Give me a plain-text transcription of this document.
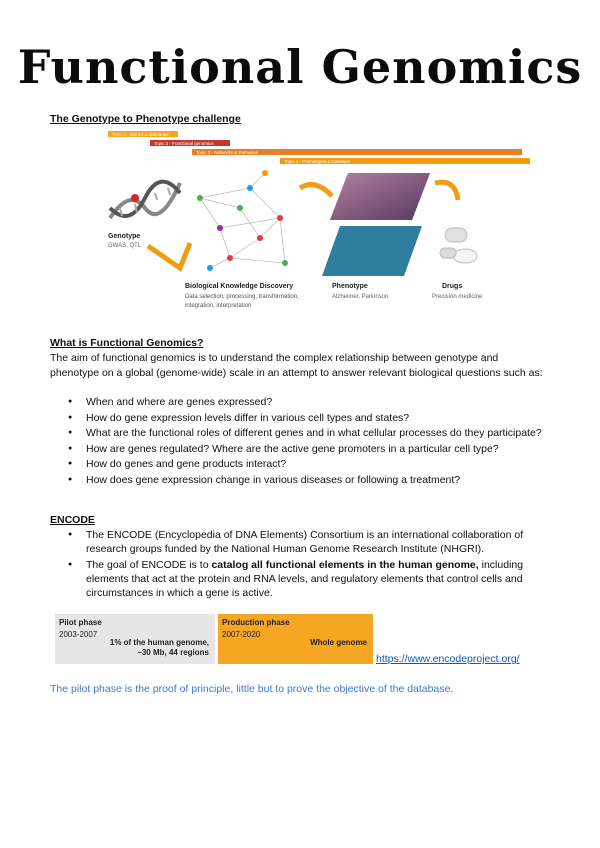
Functional Genomics
The Genotype to Phenotype challenge
Topic 1 - Genes & Genomes
Topic 2 - Functional genomics
Topic 3 - Networks & Pathways
Topic 4 - Phenotypes & Diseases
Genotype
GWAS, QTL
Biological Knowledge Discovery
Data selection, processing, transformation,
integration, interpretation
Phenotype
Alzheimer, Parkinson
Drugs
Precision medicine
What is Functional Genomics?
The aim of functional genomics is to understand the complex relationship between genotype and phenotype on a global (genome-wide) scale in an attempt to answer relevant biological questions such as:
● When and where are genes expressed?
● How do gene expression levels differ in various cell types and states?
● What are the functional roles of different genes and in what cellular processes do they participate?
● How are genes regulated? Where are the active gene promoters in a particular cell type?
● How do genes and gene products interact?
● How does gene expression change in various diseases or following a treatment?
ENCODE
● The ENCODE (Encyclopedia of DNA Elements) Consortium is an international collaboration of research groups funded by the National Human Genome Research Institute (NHGRI).
● The goal of ENCODE is to catalog all functional elements in the human genome, including elements that act at the protein and RNA levels, and regulatory elements that control cells and circumstances in which a gene is active.
Pilot phase
2003-2007
1% of the human genome,
~30 Mb, 44 regions
Production phase
2007-2020
Whole genome
https://www.encodeproject.org/
The pilot phase is the proof of principle, little but to prove the objective of the database.
